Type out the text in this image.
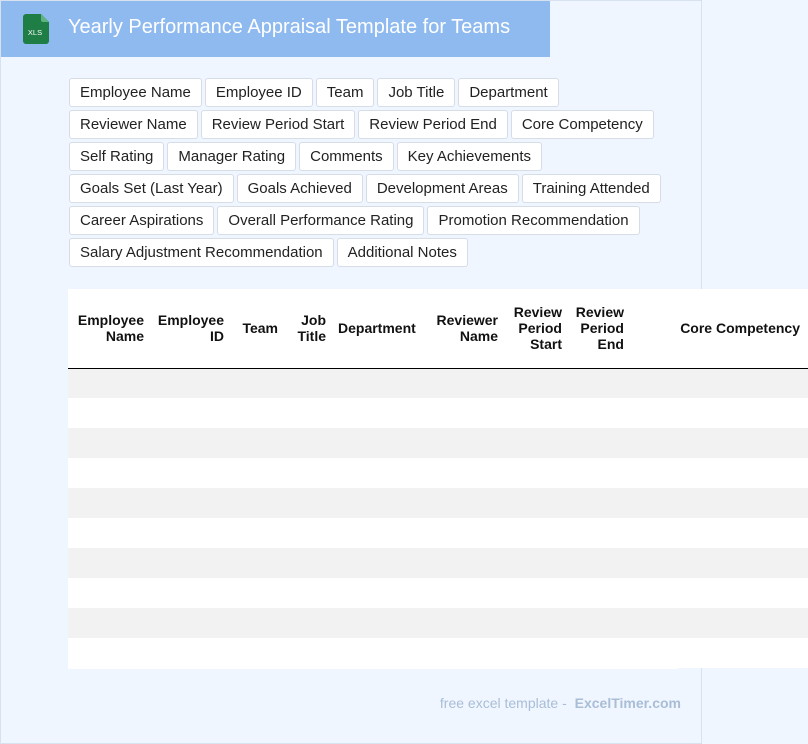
XLS Yearly Performance Appraisal Template for Teams
Employee Name	Employee ID	Team	Job Title	Department
Reviewer Name	Review Period Start	Review Period End	Core Competency
Self Rating	Manager Rating	Comments	Key Achievements
Goals Set (Last Year)	Goals Achieved	Development Areas	Training Attended
Career Aspirations	Overall Performance Rating	Promotion Recommendation
Salary Adjustment Recommendation	Additional Notes
Employee Name	Employee ID	Team	Job Title	Department	Reviewer Name	Review Period Start	Review Period End	Core Competency

free excel template - ExcelTimer.com
